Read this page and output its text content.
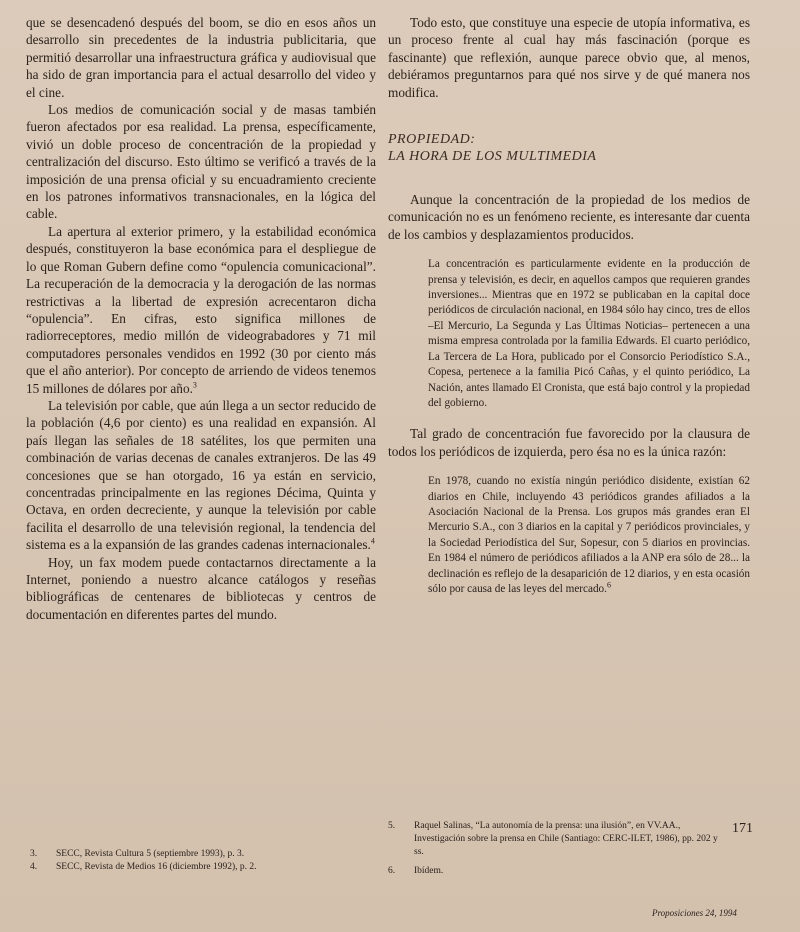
que se desencadenó después del boom, se dio en esos años un desarrollo sin precedentes de la industria publicitaria, que permitió desarrollar una infraestructura gráfica y audiovisual que ha sido de gran importancia para el actual desarrollo del video y el cine.

Los medios de comunicación social y de masas también fueron afectados por esa realidad. La prensa, específicamente, vivió un doble proceso de concentración de la propiedad y centralización del discurso. Esto último se verificó a través de la imposición de una prensa oficial y su encuadramiento creciente en los patrones informativos transnacionales, en la lógica del cable.

La apertura al exterior primero, y la estabilidad económica después, constituyeron la base económica para el despliegue de lo que Roman Gubern define como “opulencia comunicacional”. La recuperación de la democracia y la derogación de las normas restrictivas a la libertad de expresión acrecentaron dicha “opulencia”. En cifras, esto significa millones de radiorreceptores, medio millón de videograbadores y 71 mil computadores personales vendidos en 1992 (30 por ciento más que el año anterior). Por concepto de arriendo de videos tenemos 15 millones de dólares por año.$^3$

La televisión por cable, que aún llega a un sector reducido de la población (4,6 por ciento) es una realidad en expansión. Al país llegan las señales de 18 satélites, los que permiten una combinación de varias decenas de canales extranjeros. De las 49 concesiones que se han otorgado, 16 ya están en servicio, concentradas principalmente en las regiones Décima, Quinta y Octava, en orden decreciente, y aunque la televisión por cable facilita el desarrollo de una televisión regional, la tendencia del sistema es a la expansión de las grandes cadenas internacionales.$^4$

Hoy, un fax modem puede contactarnos directamente a la Internet, poniendo a nuestro alcance catálogos y reseñas bibliográficas de centenares de bibliotecas y centros de documentación en diferentes partes del mundo.

Todo esto, que constituye una especie de utopía informativa, es un proceso frente al cual hay más fascinación (porque es fascinante) que reflexión, aunque parece obvio que, al menos, debiéramos preguntarnos para qué nos sirve y de qué manera nos modifica.

PROPIEDAD:
LA HORA DE LOS MULTIMEDIA

Aunque la concentración de la propiedad de los medios de comunicación no es un fenómeno reciente, es interesante dar cuenta de los cambios y desplazamientos producidos.

La concentración es particularmente evidente en la producción de prensa y televisión, es decir, en aquellos campos que requieren grandes inversiones... Mientras que en 1972 se publicaban en la capital doce periódicos de circulación nacional, en 1984 sólo hay cinco, tres de ellos –El Mercurio, La Segunda y Las Últimas Noticias– pertenecen a una misma empresa controlada por la familia Edwards. El cuarto periódico, La Tercera de La Hora, publicado por el Consorcio Periodístico S.A., Copesa, pertenece a la familia Picó Cañas, y el quinto periódico, La Nación, antes llamado El Cronista, que está bajo control y la propiedad del gobierno.

Tal grado de concentración fue favorecido por la clausura de todos los periódicos de izquierda, pero ésa no es la única razón:

En 1978, cuando no existía ningún periódico disidente, existían 62 diarios en Chile, incluyendo 43 periódicos grandes afiliados a la Asociación Nacional de la Prensa. Los grupos más grandes eran El Mercurio S.A., con 3 diarios en la capital y 7 periódicos provinciales, y la Sociedad Periodística del Sur, Sopesur, con 5 diarios en provincias. En 1984 el número de periódicos afiliados a la ANP era sólo de 28... la declinación es reflejo de la desaparición de 12 diarios, y en esta ocasión sólo por causa de las leyes del mercado.$^6$

3.	SECC, Revista Cultura 5 (septiembre 1993), p. 3.
4.	SECC, Revista de Medios 16 (diciembre 1992), p. 2.
5.	Raquel Salinas, “La autonomía de la prensa: una ilusión”, en VV.AA., Investigación sobre la prensa en Chile (Santiago: CERC-ILET, 1986), pp. 202 y ss.
6.	Ibídem.
171
Proposiciones 24, 1994
